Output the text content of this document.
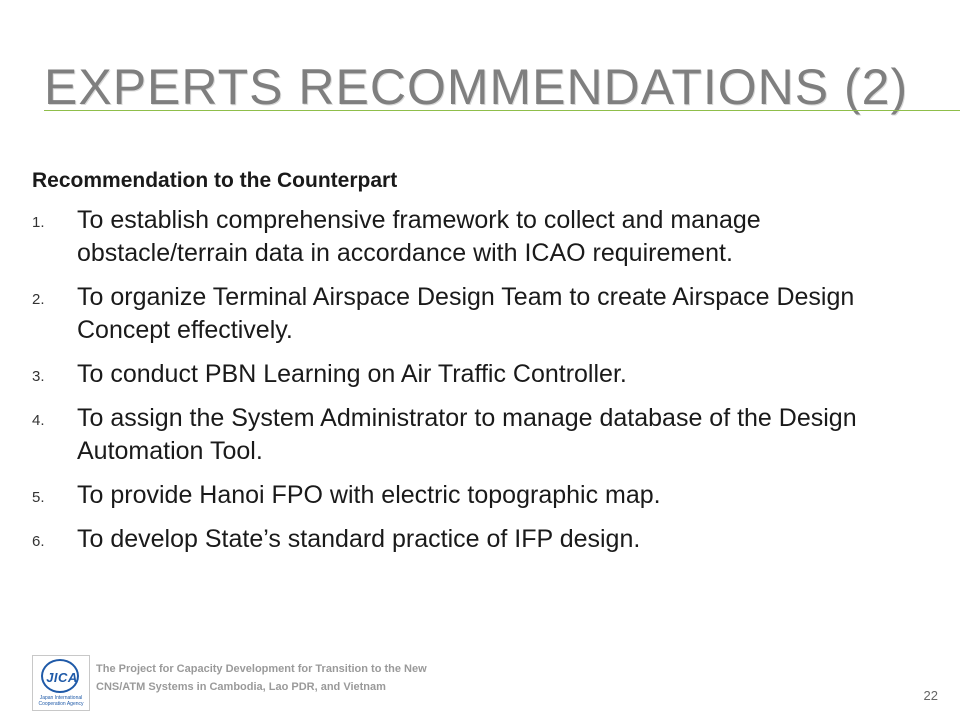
EXPERTS RECOMMENDATIONS (2)
Recommendation to the Counterpart
1. To establish comprehensive framework to collect and manage obstacle/terrain data in accordance with ICAO requirement.
2. To organize Terminal Airspace Design Team to create Airspace Design Concept effectively.
3. To conduct PBN Learning on Air Traffic Controller.
4. To assign the System Administrator to manage database of the Design Automation Tool.
5. To provide Hanoi FPO with electric topographic map.
6. To develop State’s standard practice of IFP design.
JICA
Japan International Cooperation Agency
The Project for Capacity Development for Transition to the New CNS/ATM Systems in Cambodia, Lao PDR, and Vietnam
22
